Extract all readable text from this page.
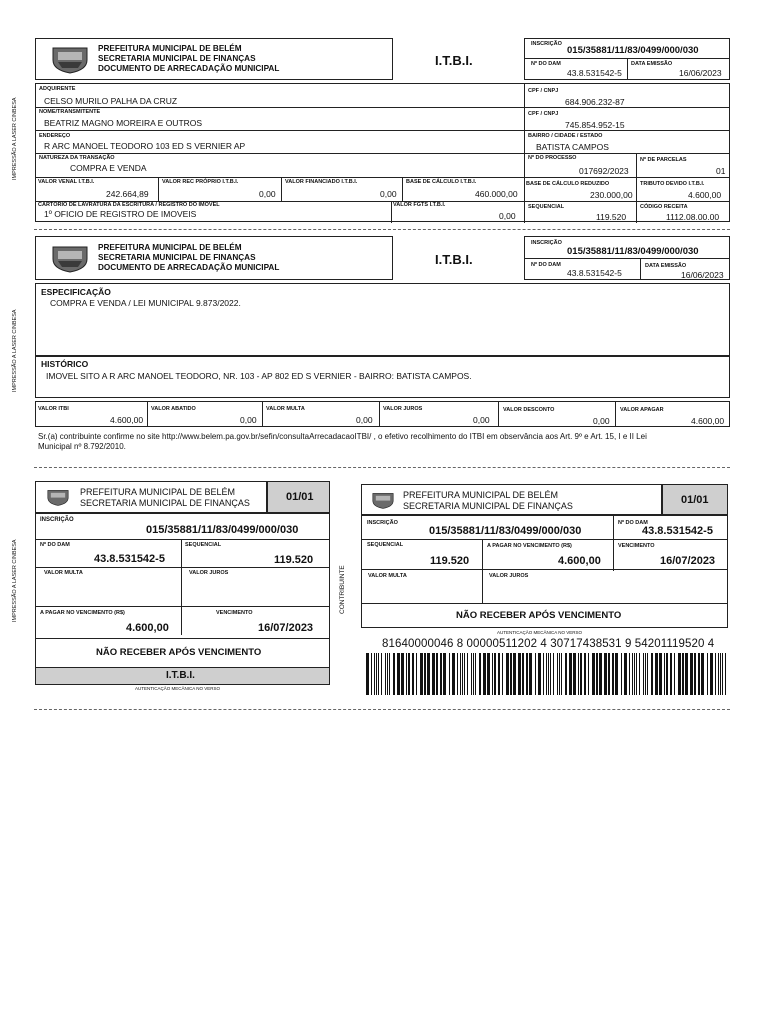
IMPRESSÃO A LASER CINBESA
IMPRESSÃO A LASER CINBESA
IMPRESSÃO A LASER CINBESA
PREFEITURA MUNICIPAL DE BELÉM
SECRETARIA MUNICIPAL DE FINANÇAS
DOCUMENTO DE ARRECADAÇÃO MUNICIPAL
I.T.B.I.
INSCRIÇÃO
015/35881/11/83/0499/000/030
Nº DO DAM
43.8.531542-5
DATA EMISSÃO
16/06/2023
ADQUIRENTE
CELSO MURILO PALHA DA CRUZ
CPF / CNPJ
684.906.232-87
NOME/TRANSMITENTE
BEATRIZ MAGNO MOREIRA E OUTROS
CPF / CNPJ
745.854.952-15
ENDEREÇO
R ARC MANOEL TEODORO 103 ED S VERNIER AP
BAIRRO / CIDADE / ESTADO
BATISTA CAMPOS
NATUREZA DA TRANSAÇÃO
COMPRA E VENDA
Nº DO PROCESSO
017692/2023
Nº DE PARCELAS
01
VALOR VENAL I.T.B.I.
242.664,89
VALOR REC PRÓPRIO I.T.B.I.
0,00
VALOR FINANCIADO I.T.B.I.
0,00
BASE DE CÁLCULO I.T.B.I.
460.000,00
BASE DE CÁLCULO REDUZIDO
230.000,00
TRIBUTO DEVIDO I.T.B.I.
4.600,00
CARTÓRIO DE LAVRATURA DA ESCRITURA / REGISTRO DO IMÓVEL
1º OFICIO DE REGISTRO DE IMOVEIS
VALOR FGTS I.T.B.I.
0,00
SEQUENCIAL
119.520
CÓDIGO RECEITA
1112.08.00.00
PREFEITURA MUNICIPAL DE BELÉM
SECRETARIA MUNICIPAL DE FINANÇAS
DOCUMENTO DE ARRECADAÇÃO MUNICIPAL
I.T.B.I.
INSCRIÇÃO
015/35881/11/83/0499/000/030
Nº DO DAM
43.8.531542-5
DATA EMISSÃO
16/06/2023
ESPECIFICAÇÃO
COMPRA E VENDA / LEI MUNICIPAL 9.873/2022.
HISTÓRICO
IMOVEL SITO A R ARC MANOEL TEODORO, NR. 103 - AP 802 ED S VERNIER - BAIRRO: BATISTA CAMPOS.
VALOR ITBI
4.600,00
VALOR ABATIDO
0,00
VALOR MULTA
0,00
VALOR JUROS
0,00
VALOR DESCONTO
0,00
VALOR APAGAR
4.600,00
Sr.(a) contribuinte confirme no site http://www.belem.pa.gov.br/sefin/consultaArrecadacaoITBI/ , o efetivo recolhimento do ITBI em observância aos Art. 9º e Art. 15, I e II Lei
Municipal nº 8.792/2010.
PREFEITURA MUNICIPAL DE BELÉM
SECRETARIA MUNICIPAL DE FINANÇAS	01/01
INSCRIÇÃO
015/35881/11/83/0499/000/030
Nº DO DAM
43.8.531542-5
SEQUENCIAL
119.520
VALOR MULTA	VALOR JUROS
A PAGAR NO VENCIMENTO (R$)
4.600,00
VENCIMENTO
16/07/2023
NÃO RECEBER APÓS VENCIMENTO
I.T.B.I.
AUTENTICAÇÃO MECÂNICA NO VERSO
CONTRIBUINTE
PREFEITURA MUNICIPAL DE BELÉM
SECRETARIA MUNICIPAL DE FINANÇAS	01/01
INSCRIÇÃO
015/35881/11/83/0499/000/030
Nº DO DAM
43.8.531542-5
SEQUENCIAL
119.520
A PAGAR NO VENCIMENTO (R$)
4.600,00
VENCIMENTO
16/07/2023
VALOR MULTA	VALOR JUROS
NÃO RECEBER APÓS VENCIMENTO
AUTENTICAÇÃO MECÂNICA NO VERSO
81640000046 8 00000511202 4 30717438531 9 54201119520 4
